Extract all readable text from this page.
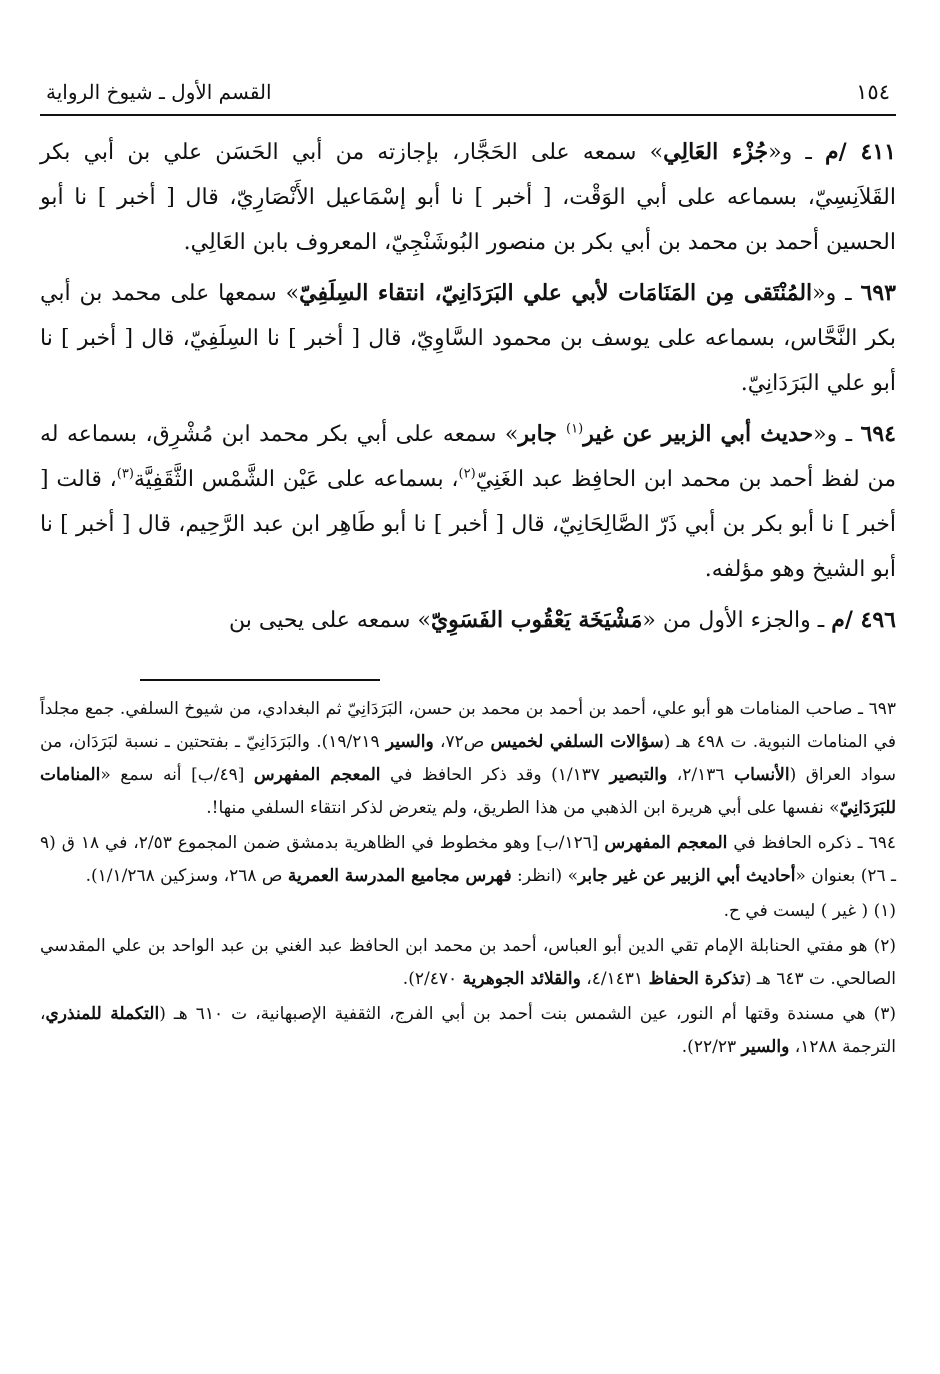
١٥٤
القسم الأول ـ شيوخ الرواية

٤١١ /م ـ و«جُزْء العَالِي» سمعه على الحَجَّار، بإجازته من أبي الحَسَن علي بن أبي بكر القَلاَنِسِيّ، بسماعه على أبي الوَقْت، [ أخبر ] نا أبو إسْمَاعيل الأَنْصَارِيّ، قال [ أخبر ] نا أبو الحسين أحمد بن محمد بن أبي بكر بن منصور البُوشَنْجِيّ، المعروف بابن العَالِي.

٦٩٣ ـ و«المُنْتَقى مِن المَنَامَات لأبي علي البَرَدَانِيّ، انتقاء السِلَفِيّ» سمعها على محمد بن أبي بكر النَّحَّاس، بسماعه على يوسف بن محمود السَّاوِيّ، قال [ أخبر ] نا السِلَفِيّ، قال [ أخبر ] نا أبو علي البَرَدَانِيّ.

٦٩٤ ـ و«حديث أبي الزبير عن غير$^{(١)}$ جابر» سمعه على أبي بكر محمد ابن مُشْرِق، بسماعه له من لفظ أحمد بن محمد ابن الحافِظ عبد الغَنِيّ$^{(٢)}$، بسماعه على عَيْن الشَّمْس الثَّقَفِيَّة$^{(٣)}$، قالت [ أخبر ] نا أبو بكر بن أبي ذَرّ الصَّالِحَانِيّ، قال [ أخبر ] نا أبو طَاهِر ابن عبد الرَّحِيم، قال [ أخبر ] نا أبو الشيخ وهو مؤلفه.

٤٩٦ /م ـ والجزء الأول من «مَشْيَخَة يَعْقُوب الفَسَوِيّ» سمعه على يحيى بن

٦٩٣ ـ صاحب المنامات هو أبو علي، أحمد بن أحمد بن محمد بن حسن، البَرَدَانِيّ ثم البغدادي، من شيوخ السلفي. جمع مجلداً في المنامات النبوية. ت ٤٩٨ هـ (سؤالات السلفي لخميس ص٧٢، والسير ١٩/٢١٩). والبَرَدَانِيّ ـ بفتحتين ـ نسبة لبَرَدَان، من سواد العراق (الأنساب ٢/١٣٦، والتبصير ١/١٣٧) وقد ذكر الحافظ في المعجم المفهرس [٤٩/ب] أنه سمع «المنامات للبَرَدَانِيّ» نفسها على أبي هريرة ابن الذهبي من هذا الطريق، ولم يتعرض لذكر انتقاء السلفي منها!.

٦٩٤ ـ ذكره الحافظ في المعجم المفهرس [١٢٦/ب] وهو مخطوط في الظاهرية بدمشق ضمن المجموع ٢/٥٣، في ١٨ ق (٩ ـ ٢٦) بعنوان «أحاديث أبي الزبير عن غير جابر» (انظر: فهرس مجاميع المدرسة العمرية ص ٢٦٨، وسزكين ١/١/٢٦٨).

(١) ( غير ) ليست في ح.

(٢) هو مفتي الحنابلة الإمام تقي الدين أبو العباس، أحمد بن محمد ابن الحافظ عبد الغني بن عبد الواحد بن علي المقدسي الصالحي. ت ٦٤٣ هـ (تذكرة الحفاظ ٤/١٤٣١، والقلائد الجوهرية ٢/٤٧٠).

(٣) هي مسندة وقتها أم النور، عين الشمس بنت أحمد بن أبي الفرج، الثقفية الإصبهانية، ت ٦١٠ هـ (التكملة للمنذري، الترجمة ١٢٨٨، والسير ٢٢/٢٣).
